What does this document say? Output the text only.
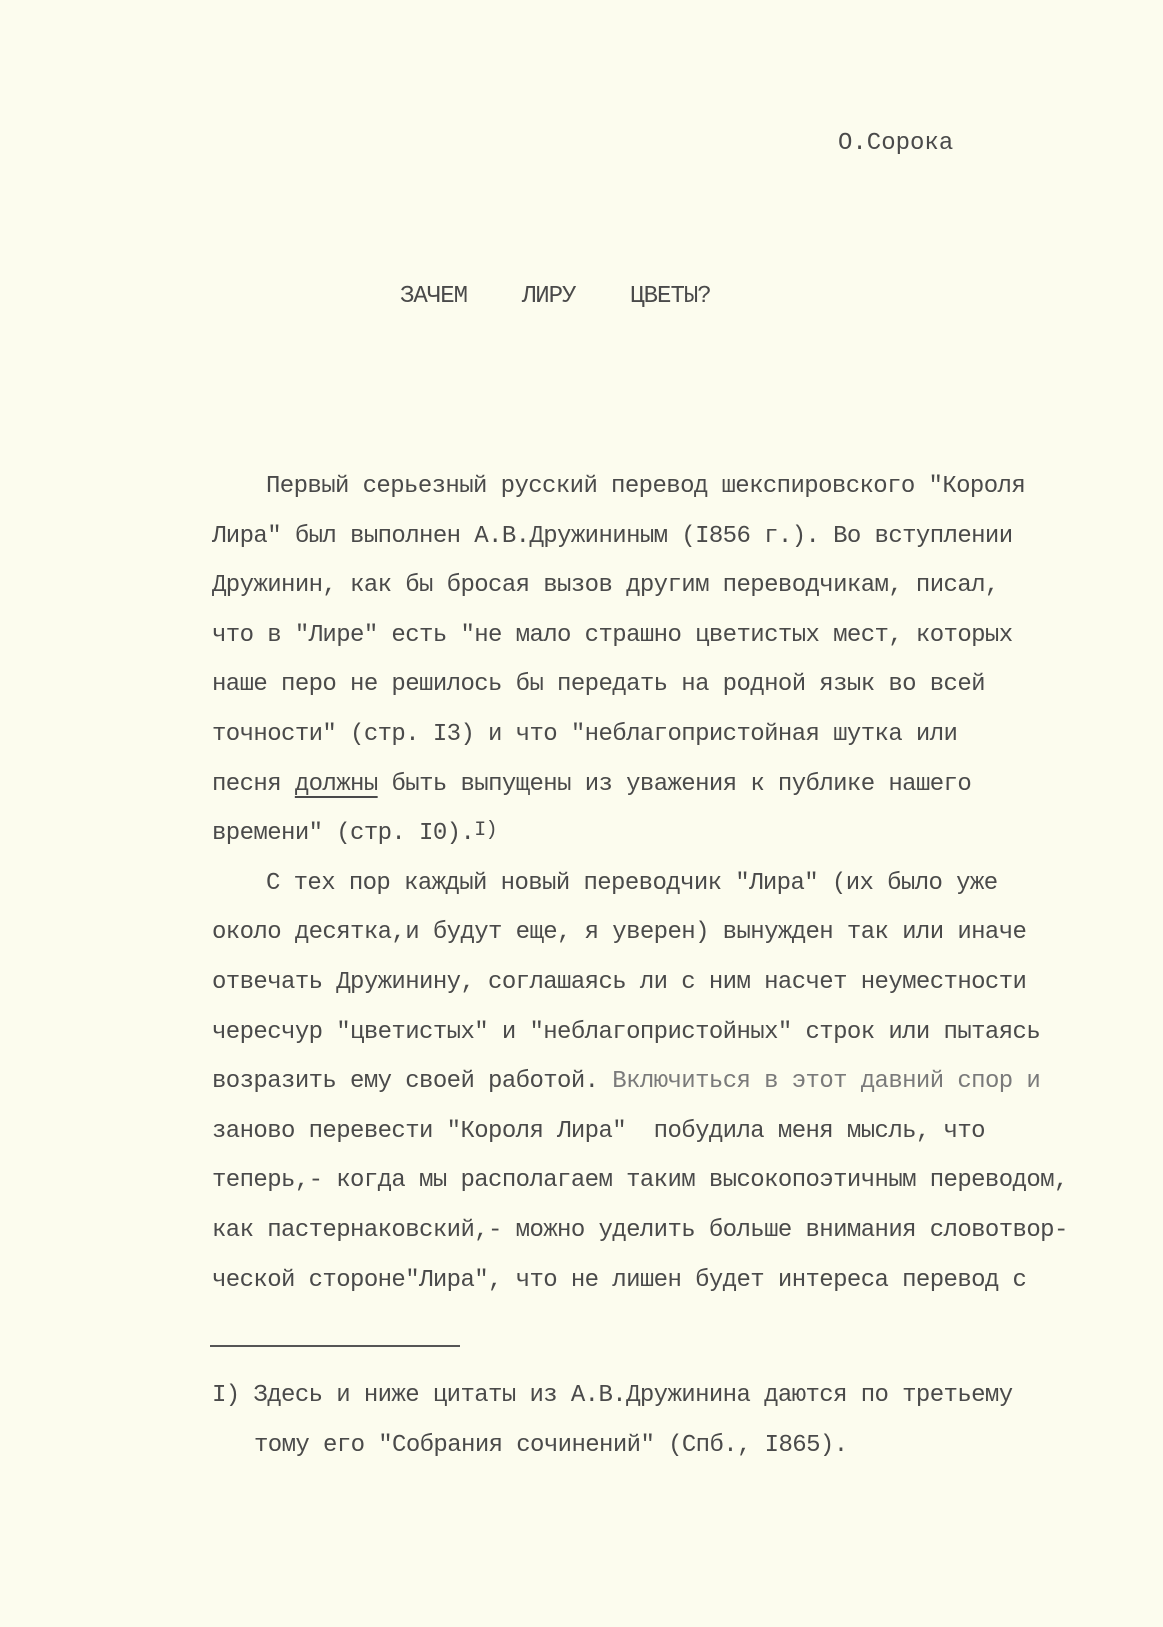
О.Сорока
ЗАЧЕМ  ЛИРУ  ЦВЕТЫ?
Первый серьезный русский перевод шекспировского "Короля
Лира" был выполнен А.В.Дружининым (I856 г.). Во вступлении
Дружинин, как бы бросая вызов другим переводчикам, писал,
что в "Лире" есть "не мало страшно цветистых мест, которых
наше перо не решилось бы передать на родной язык во всей
точности" (стр. I3) и что "неблагопристойная шутка или
песня должны быть выпущены из уважения к публике нашего
времени" (стр. I0).$^{I)}$
С тех пор каждый новый переводчик "Лира" (их было уже
около десятка,и будут еще, я уверен) вынужден так или иначе
отвечать Дружинину, соглашаясь ли с ним насчет неуместности
чересчур "цветистых" и "неблагопристойных" строк или пытаясь
возразить ему своей работой. Включиться в этот давний спор и
заново перевести "Короля Лира"  побудила меня мысль, что
теперь,- когда мы располагаем таким высокопоэтичным переводом,
как пастернаковский,- можно уделить больше внимания словотвор-
ческой стороне"Лира", что не лишен будет интереса перевод с
I) Здесь и ниже цитаты из А.В.Дружинина даются по третьему
тому его "Собрания сочинений" (Спб., I865).
